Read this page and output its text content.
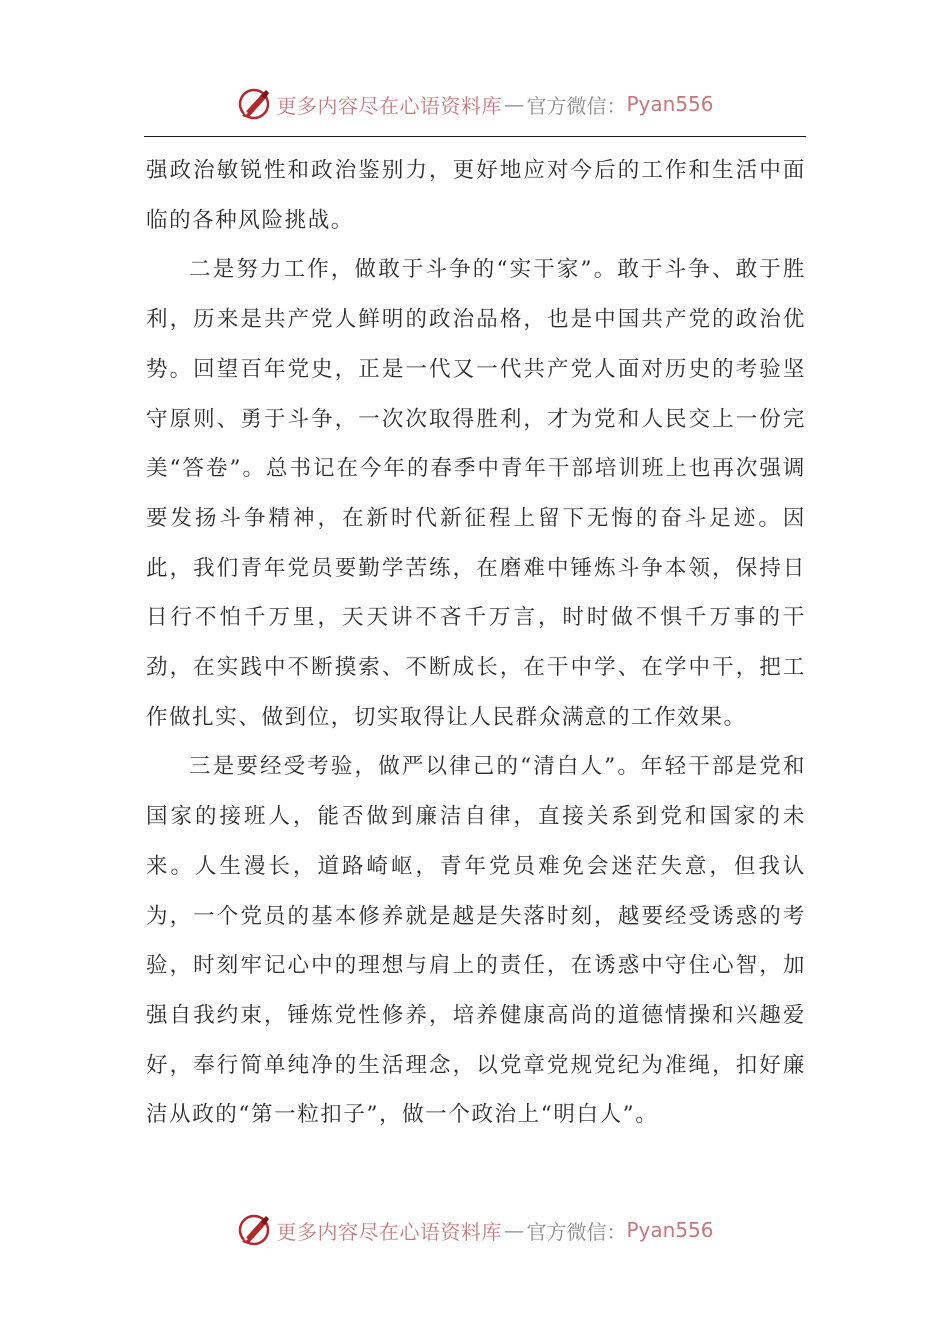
更多内容尽在心语资料库 — 官方微信： Pyan556

强政治敏锐性和政治鉴别力，更好地应对今后的工作和生活中面临的各种风险挑战。

二是努力工作，做敢于斗争的“实干家”。敢于斗争、敢于胜利，历来是共产党人鲜明的政治品格，也是中国共产党的政治优势。回望百年党史，正是一代又一代共产党人面对历史的考验坚守原则、勇于斗争，一次次取得胜利，才为党和人民交上一份完美“答卷”。总书记在今年的春季中青年干部培训班上也再次强调要发扬斗争精神，在新时代新征程上留下无悔的奋斗足迹。因此，我们青年党员要勤学苦练，在磨难中锤炼斗争本领，保持日日行不怕千万里，天天讲不吝千万言，时时做不惧千万事的干劲，在实践中不断摸索、不断成长，在干中学、在学中干，把工作做扎实、做到位，切实取得让人民群众满意的工作效果。

三是要经受考验，做严以律己的“清白人”。年轻干部是党和国家的接班人，能否做到廉洁自律，直接关系到党和国家的未来。人生漫长，道路崎岖，青年党员难免会迷茫失意，但我认为，一个党员的基本修养就是越是失落时刻，越要经受诱惑的考验，时刻牢记心中的理想与肩上的责任，在诱惑中守住心智，加强自我约束，锤炼党性修养，培养健康高尚的道德情操和兴趣爱好，奉行简单纯净的生活理念，以党章党规党纪为准绳，扣好廉洁从政的“第一粒扣子”，做一个政治上“明白人”。

更多内容尽在心语资料库 — 官方微信： Pyan556
